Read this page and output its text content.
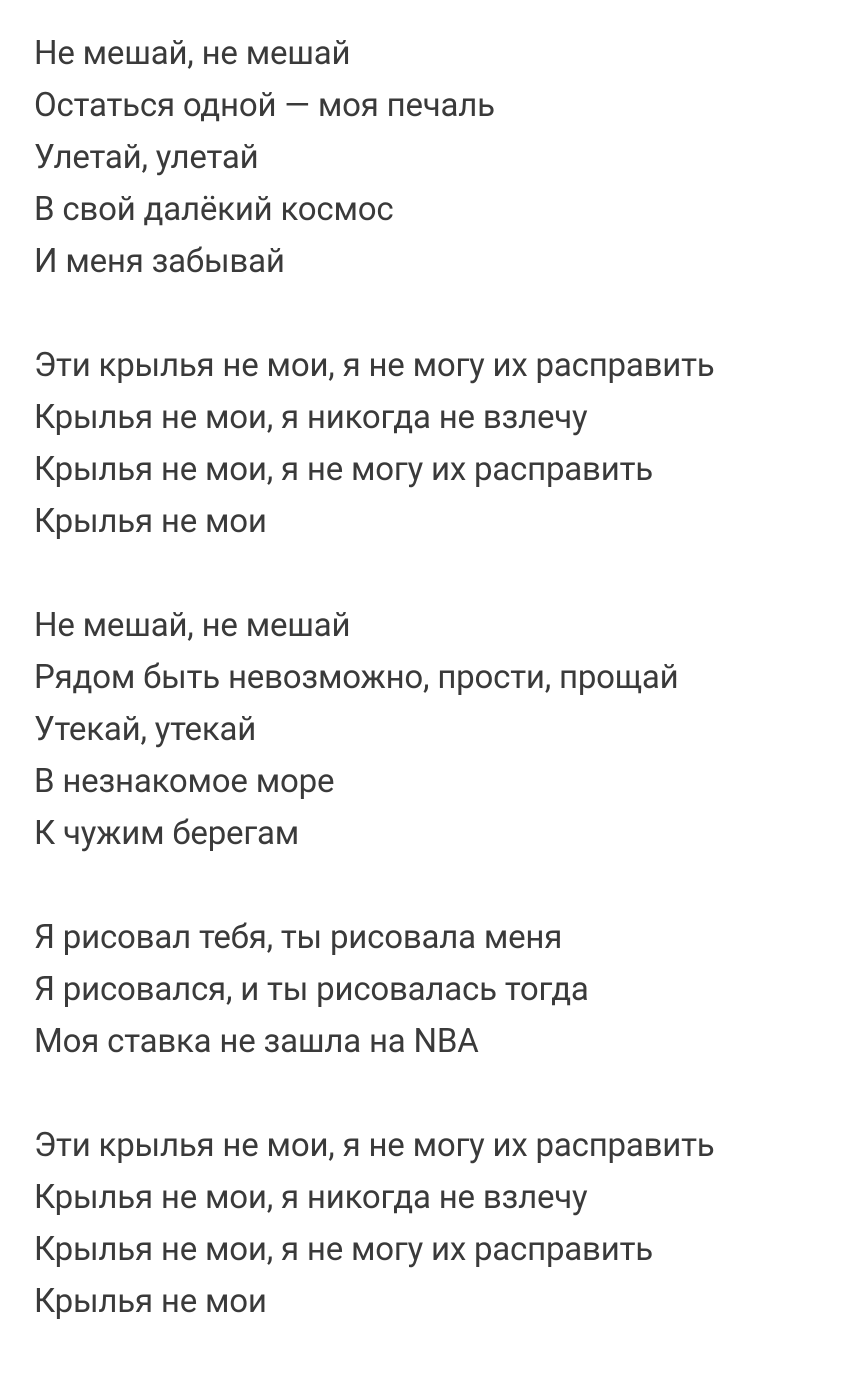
Не мешай, не мешай
Остаться одной — моя печаль
Улетай, улетай
В свой далёкий космос
И меня забывай
Эти крылья не мои, я не могу их расправить
Крылья не мои, я никогда не взлечу
Крылья не мои, я не могу их расправить
Крылья не мои
Не мешай, не мешай
Рядом быть невозможно, прости, прощай
Утекай, утекай
В незнакомое море
К чужим берегам
Я рисовал тебя, ты рисовала меня
Я рисовался, и ты рисовалась тогда
Моя ставка не зашла на NBA
Эти крылья не мои, я не могу их расправить
Крылья не мои, я никогда не взлечу
Крылья не мои, я не могу их расправить
Крылья не мои
